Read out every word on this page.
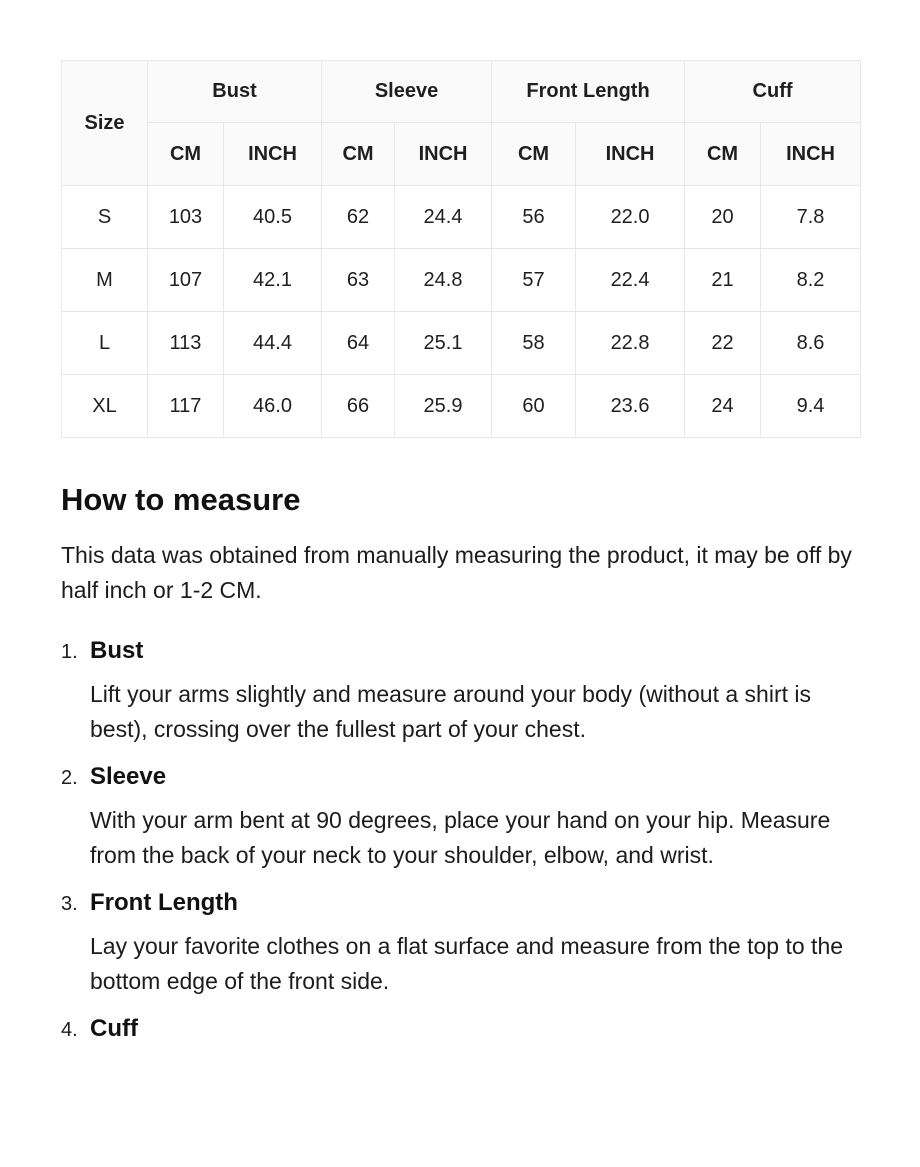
Size	Bust		Sleeve		Front Length		Cuff	
	CM	INCH	CM	INCH	CM	INCH	CM	INCH
S	103	40.5	62	24.4	56	22.0	20	7.8
M	107	42.1	63	24.8	57	22.4	21	8.2
L	113	44.4	64	25.1	58	22.8	22	8.6
XL	117	46.0	66	25.9	60	23.6	24	9.4
How to measure

This data was obtained from manually measuring the product, it may be off by half inch or 1-2 CM.

1. Bust

Lift your arms slightly and measure around your body (without a shirt is best), crossing over the fullest part of your chest.

2. Sleeve

With your arm bent at 90 degrees, place your hand on your hip. Measure from the back of your neck to your shoulder, elbow, and wrist.

3. Front Length

Lay your favorite clothes on a flat surface and measure from the top to the bottom edge of the front side.

4. Cuff
